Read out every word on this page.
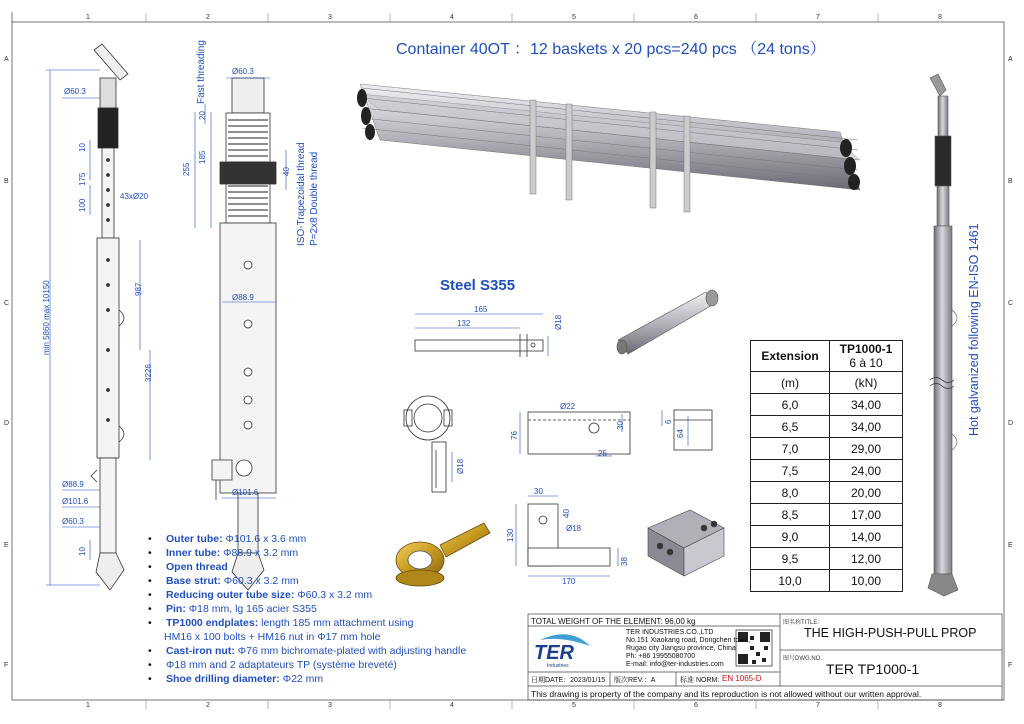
1	2	3	4	5	6	7	8
1	2	3	4	5	6	7	8
A
B
C
D
E
F
A
B
C
D
E
F
Container 40OT ：12 baskets x 20 pcs=240 pcs （24 tons）
Steel S355	Hot galvanized following EN-ISO 1461
Ø60.3
min 5860 max 10150
43xØ20
987
3226
10
175
100
Ø88.9
Ø101.6
Ø60.3
10
Fast threading	Ø60.3
20
255
185
40 ISO-Trapezoidal thread P=2x8 Double thread
Ø88.9
Ø101.6
165
132	Ø18
Ø18
Ø22
76
30
25
6
64
30
40
Ø18
130
38
170
Extension	TP1000-1
6 à 10
(m)	(kN)
6,0	34,00
6,5	34,00
7,0	29,00
7,5	24,00
8,0	20,00
8,5	17,00
9,0	14,00
9,5	12,00
10,0	10,00
• Outer tube: Φ101.6 x 3.6 mm
• Inner tube: Φ88.9 x 3.2 mm
• Open thread
• Base strut: Φ60.3 x 3.2 mm
• Reducing outer tube size: Φ60.3 x 3.2 mm
• Pin: Φ18 mm, lg 165 acier S355
• TP1000 endplates: length 185 mm attachment using
HM16 x 100 bolts + HM16 nut in Φ17 mm hole
• Cast-iron nut: Φ76 mm bichromate-plated with adjusting handle
• Φ18 mm and 2 adaptateurs TP (système breveté)
• Shoe drilling diameter: Φ22 mm
TOTAL WEIGHT OF THE ELEMENT: 96,00 kg
TER
Industries
TER INDUSTRIES.CO.,LTD
No.151 Xiaokang road, Dongchen town,
Rugao city Jiangsu province, China
Ph: +86 19955080700
E-mail: info@ter-industries.com
图名称TITLE:
THE HIGH-PUSH-PULL PROP
图号DWG.NO.
TER TP1000-1
日期DATE：2023/01/15 版次REV.：A	标准 NORM: EN 1065-D
This drawing is property of the company and its reproduction is not allowed without our written approval.
